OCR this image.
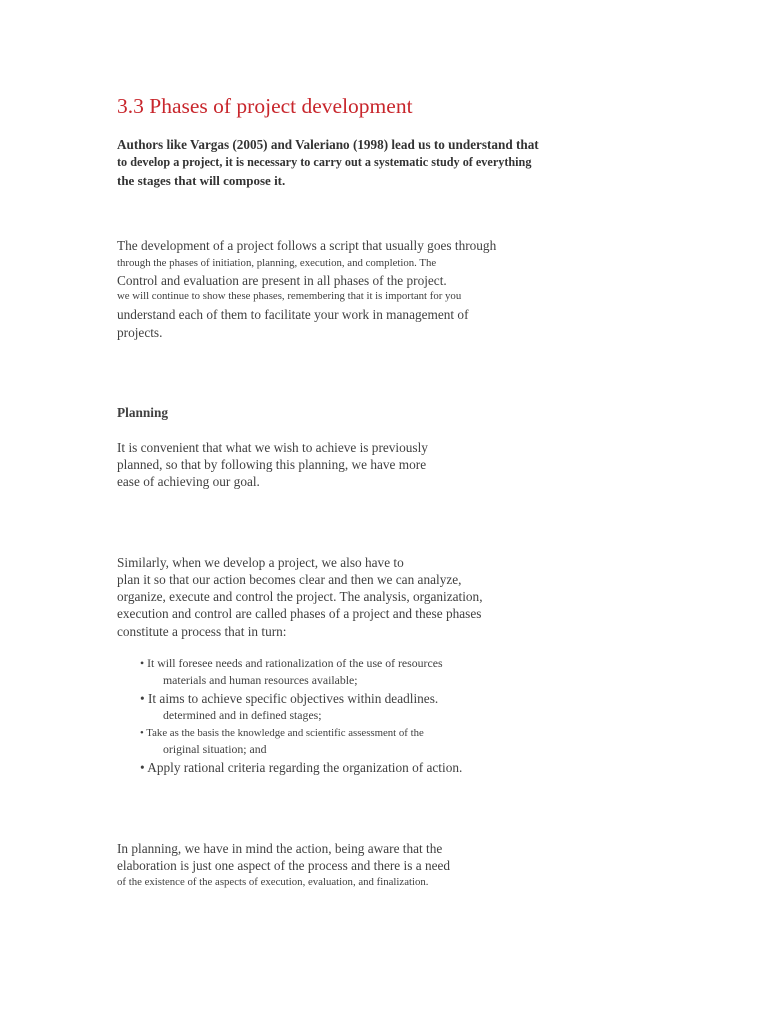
3.3 Phases of project development
Authors like Vargas (2005) and Valeriano (1998) lead us to understand that
to develop a project, it is necessary to carry out a systematic study of everything
the stages that will compose it.
The development of a project follows a script that usually goes through
through the phases of initiation, planning, execution, and completion. The
Control and evaluation are present in all phases of the project.
we will continue to show these phases, remembering that it is important for you
understand each of them to facilitate your work in management of
projects.
Planning
It is convenient that what we wish to achieve is previously
planned, so that by following this planning, we have more
ease of achieving our goal.
Similarly, when we develop a project, we also have to
plan it so that our action becomes clear and then we can analyze,
organize, execute and control the project. The analysis, organization,
execution and control are called phases of a project and these phases
constitute a process that in turn:
• It will foresee needs and rationalization of the use of resources
materials and human resources available;
• It aims to achieve specific objectives within deadlines.
determined and in defined stages;
• Take as the basis the knowledge and scientific assessment of the
original situation; and
• Apply rational criteria regarding the organization of action.
In planning, we have in mind the action, being aware that the
elaboration is just one aspect of the process and there is a need
of the existence of the aspects of execution, evaluation, and finalization.
